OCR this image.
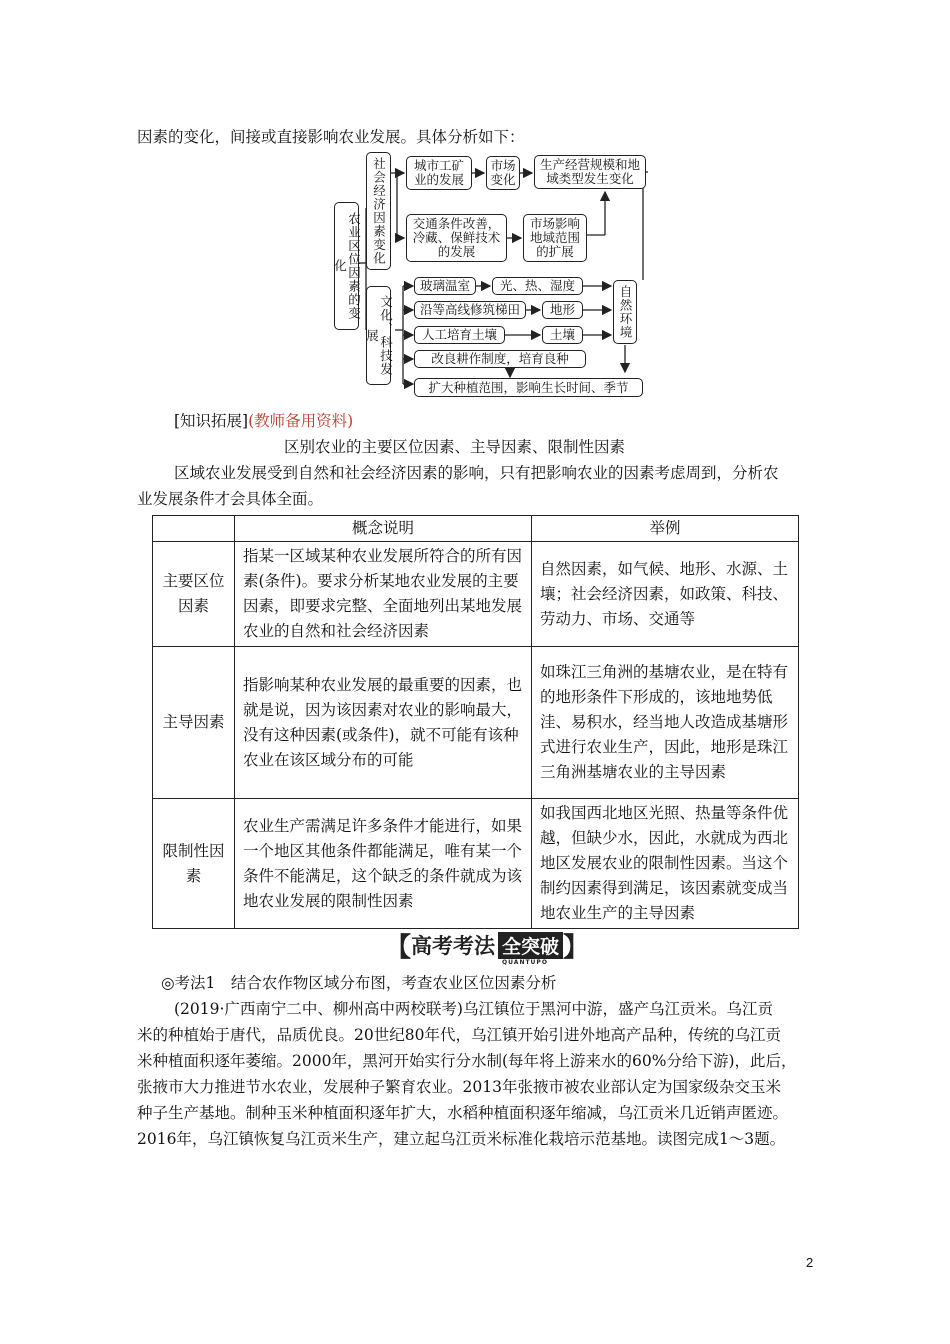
因素的变化，间接或直接影响农业发展。具体分析如下：
农业区位因素的变化
社会经济因素变化
文化、科技发展
城市工矿业的发展
市场变化
生产经营规模和地域类型发生变化
交通条件改善，冷藏、保鲜技术的发展
市场影响地域范围的扩展
玻璃温室	光、热、湿度
沿等高线修筑梯田	地形
人工培育土壤	土壤	自然环境
改良耕作制度，培育良种
扩大种植范围，影响生长时间、季节
[知识拓展](教师备用资料)
区别农业的主要区位因素、主导因素、限制性因素
区域农业发展受到自然和社会经济因素的影响，只有把影响农业的因素考虑周到，分析农
业发展条件才会具体全面。
	概念说明	举例
主要区位因素	指某一区域某种农业发展所符合的所有因素(条件)。要求分析某地农业发展的主要因素，即要求完整、全面地列出某地发展农业的自然和社会经济因素	自然因素，如气候、地形、水源、土壤；社会经济因素，如政策、科技、劳动力、市场、交通等
主导因素	指影响某种农业发展的最重要的因素，也就是说，因为该因素对农业的影响最大，没有这种因素(或条件)，就不可能有该种农业在该区域分布的可能	如珠江三角洲的基塘农业，是在特有的地形条件下形成的，该地地势低洼、易积水，经当地人改造成基塘形式进行农业生产，因此，地形是珠江三角洲基塘农业的主导因素
限制性因素	农业生产需满足许多条件才能进行，如果一个地区其他条件都能满足，唯有某一个条件不能满足，这个缺乏的条件就成为该地农业发展的限制性因素	如我国西北地区光照、热量等条件优越，但缺少水，因此，水就成为西北地区发展农业的限制性因素。当这个制约因素得到满足，该因素就变成当地农业生产的主导因素
【 高考考法 全突破
QUANTUPO 】
◎考法1　结合农作物区域分布图，考查农业区位因素分析
(2019·广西南宁二中、柳州高中两校联考)乌江镇位于黑河中游，盛产乌江贡米。乌江贡
米的种植始于唐代，品质优良。20世纪80年代，乌江镇开始引进外地高产品种，传统的乌江贡
米种植面积逐年萎缩。2000年，黑河开始实行分水制(每年将上游来水的60%分给下游)，此后，
张掖市大力推进节水农业，发展种子繁育农业。2013年张掖市被农业部认定为国家级杂交玉米
种子生产基地。制种玉米种植面积逐年扩大，水稻种植面积逐年缩减，乌江贡米几近销声匿迹。
2016年，乌江镇恢复乌江贡米生产，建立起乌江贡米标准化栽培示范基地。读图完成1～3题。
2
